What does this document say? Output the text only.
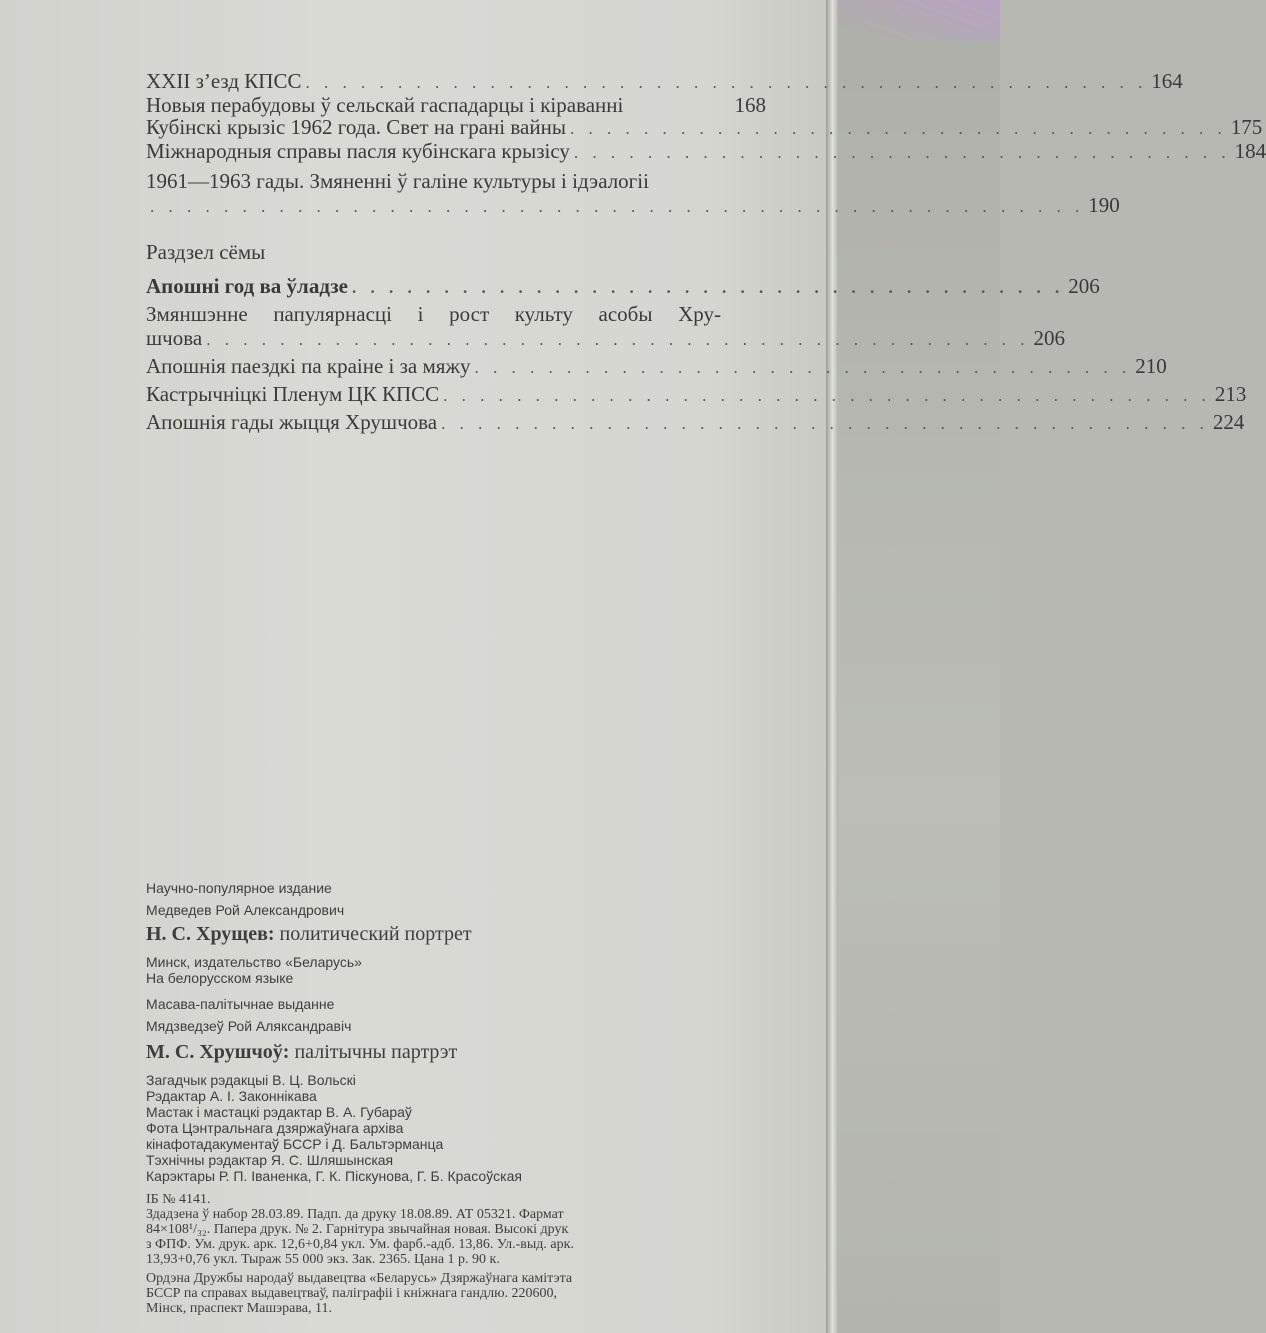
XXII з’езд КПСС . . . . . . . . . . . . . . . . . . . . . . . . . . . . . . . . . . . . . . . . . . . . . . 164
Новыя перабудовы ў сельскай гаспадарцы і кіраванні	168
Кубінскі крызіс 1962 года. Свет на грані вайны . . . . . . . . . . . . . . . . . . . . . . . . . . . . . . . . . . . . 175
Міжнародныя справы пасля кубінскага крызісу . . . . . . . . . . . . . . . . . . . . . . . . . . . . . . . . . . . . 184
1961—1963 гады. Змяненні ў галіне культуры і ідэалогіі
. . . . . . . . . . . . . . . . . . . . . . . . . . . . . . . . . . . . . . . . . . . . . . . . . . . 190
Раздзел сёмы
Апошні год ва ўладзе . . . . . . . . . . . . . . . . . . . . . . . . . . . . . . . . . . . . . . . 206
Змяншэнне папулярнасці і рост культу асобы Хру-
шчова . . . . . . . . . . . . . . . . . . . . . . . . . . . . . . . . . . . . . . . . . . . . . 206
Апошнія паездкі па краіне і за мяжу . . . . . . . . . . . . . . . . . . . . . . . . . . . . . . . . . . . . 210
Кастрычніцкі Пленум ЦК КПСС . . . . . . . . . . . . . . . . . . . . . . . . . . . . . . . . . . . . . . . . . . 213
Апошнія гады жыцця Хрушчова . . . . . . . . . . . . . . . . . . . . . . . . . . . . . . . . . . . . . . . . . . 224
Научно-популярное издание
Медведев Рой Александрович
Н. С. Хрущев: политический портрет
Минск, издательство «Беларусь»
На белорусском языке
Масава-палітычнае выданне
Мядзведзеў Рой Аляксандравіч
М. С. Хрушчоў: палітычны партрэт
Загадчык рэдакцыі В. Ц. Вольскі
Рэдактар А. І. Законнікава
Мастак і мастацкі рэдактар В. А. Губараў
Фота Цэнтральнага дзяржаўнага архіва
кінафотадакументаў БССР і Д. Бальтэрманца
Тэхнічны рэдактар Я. С. Шляшынская
Карэктары Р. П. Іваненка, Г. К. Піскунова, Г. Б. Красоўская
ІБ № 4141.
Здадзена ў набор 28.03.89. Падп. да друку 18.08.89. АТ 05321. Фармат
84×108¹/₃₂. Папера друк. № 2. Гарнітура звычайная новая. Высокі друк
з ФПФ. Ум. друк. арк. 12,6+0,84 укл. Ум. фарб.-адб. 13,86. Ул.-выд. арк.
13,93+0,76 укл. Тыраж 55 000 экз. Зак. 2365. Цана 1 р. 90 к.
Ордэна Дружбы народаў выдавецтва «Беларусь» Дзяржаўнага камітэта
БССР па справах выдавецтваў, паліграфіі і кніжнага гандлю. 220600,
Мінск, праспект Машэрава, 11.
